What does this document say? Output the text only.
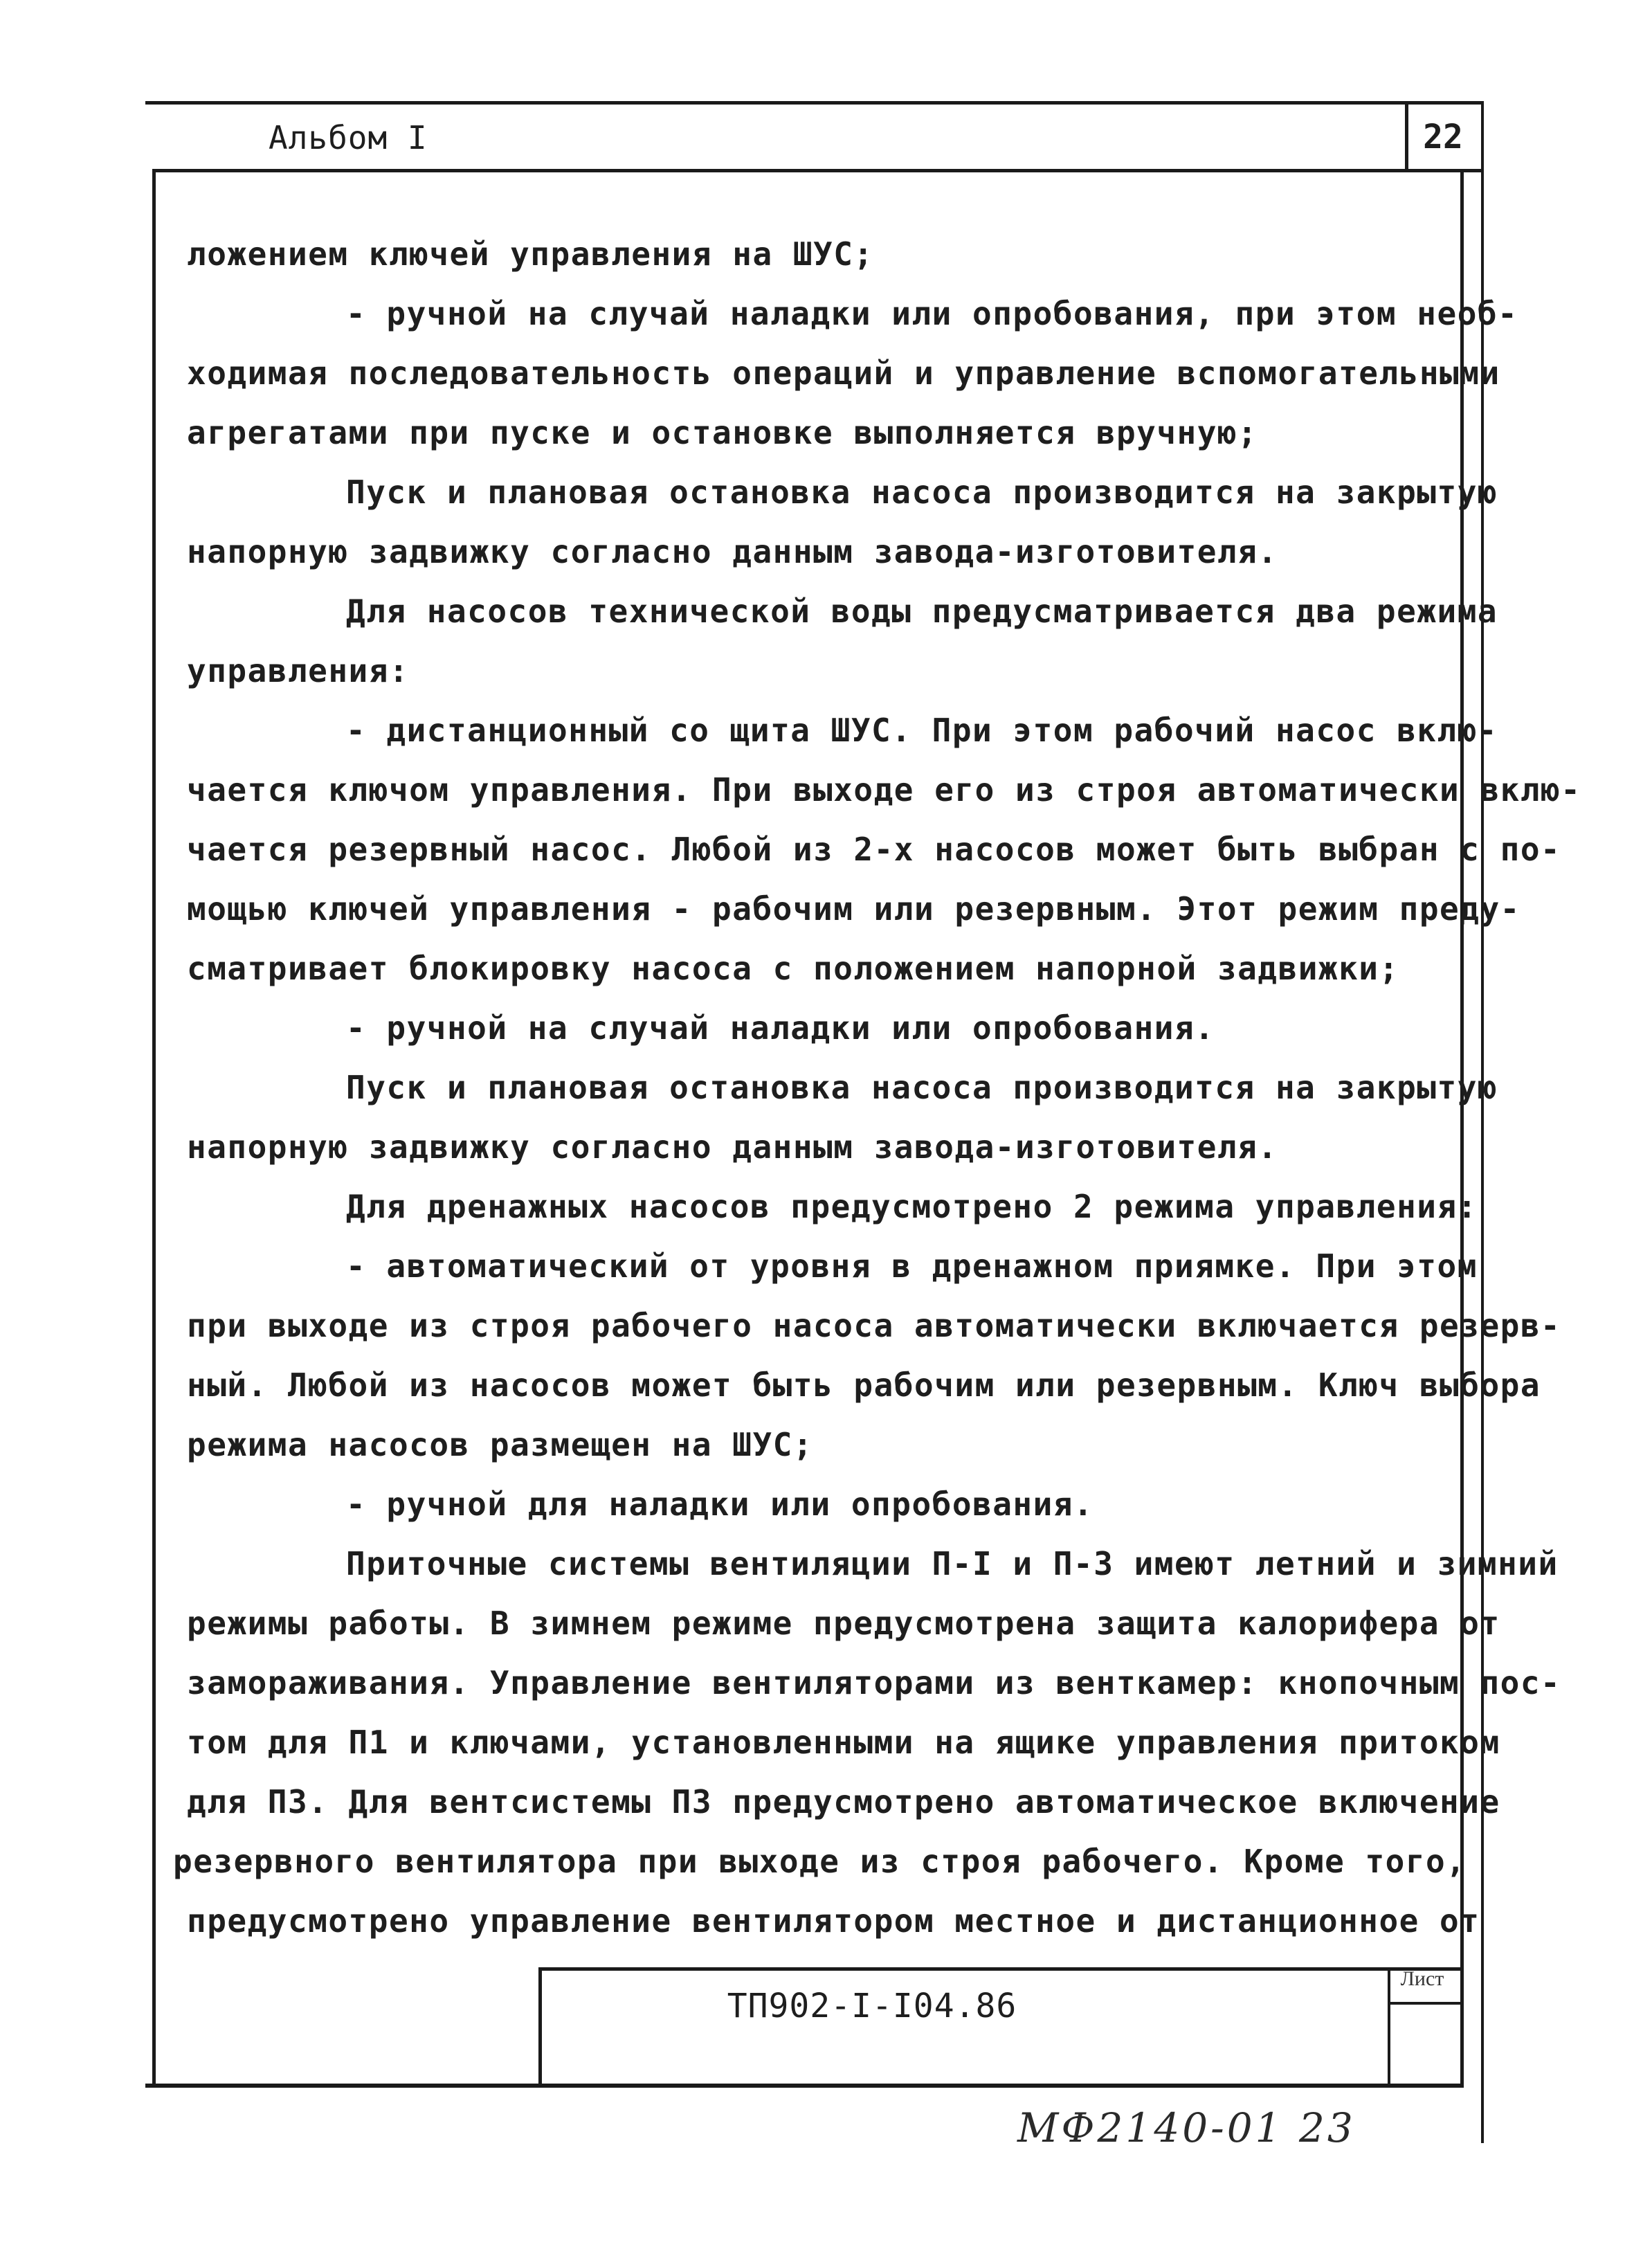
Альбом I	22
ложением ключей управления на ШУС;
- ручной на случай наладки или опробования, при этом необ-
ходимая последовательность операций и управление вспомогательными
агрегатами при пуске и остановке выполняется вручную;
Пуск и плановая остановка насоса производится на закрытую
напорную задвижку согласно данным завода-изготовителя.
Для насосов технической воды предусматривается два режима
управления:
- дистанционный со щита ШУС. При этом рабочий насос вклю-
чается ключом управления. При выходе его из строя автоматически вклю-
чается резервный насос. Любой из 2-х насосов может быть выбран с по-
мощью ключей управления - рабочим или резервным. Этот режим преду-
сматривает блокировку насоса с положением напорной задвижки;
- ручной на случай наладки или опробования.
Пуск и плановая остановка насоса производится на закрытую
напорную задвижку согласно данным завода-изготовителя.
Для дренажных насосов предусмотрено 2 режима управления:
- автоматический от уровня в дренажном приямке. При этом
при выходе из строя рабочего насоса автоматически включается резерв-
ный. Любой из насосов может быть рабочим или резервным. Ключ выбора
режима насосов размещен на ШУС;
- ручной для наладки или опробования.
Приточные системы вентиляции П-I и П-3 имеют летний и зимний
режимы работы. В зимнем режиме предусмотрена защита калорифера от
замораживания. Управление вентиляторами из венткамер: кнопочным пос-
том для П1 и ключами, установленными на ящике управления притоком
для П3. Для вентсистемы П3 предусмотрено автоматическое включение
резервного вентилятора при выходе из строя рабочего. Кроме того,
предусмотрено управление вентилятором местное и дистанционное от
ТП902-I-I04.86
Лист
МФ2140-01 23
